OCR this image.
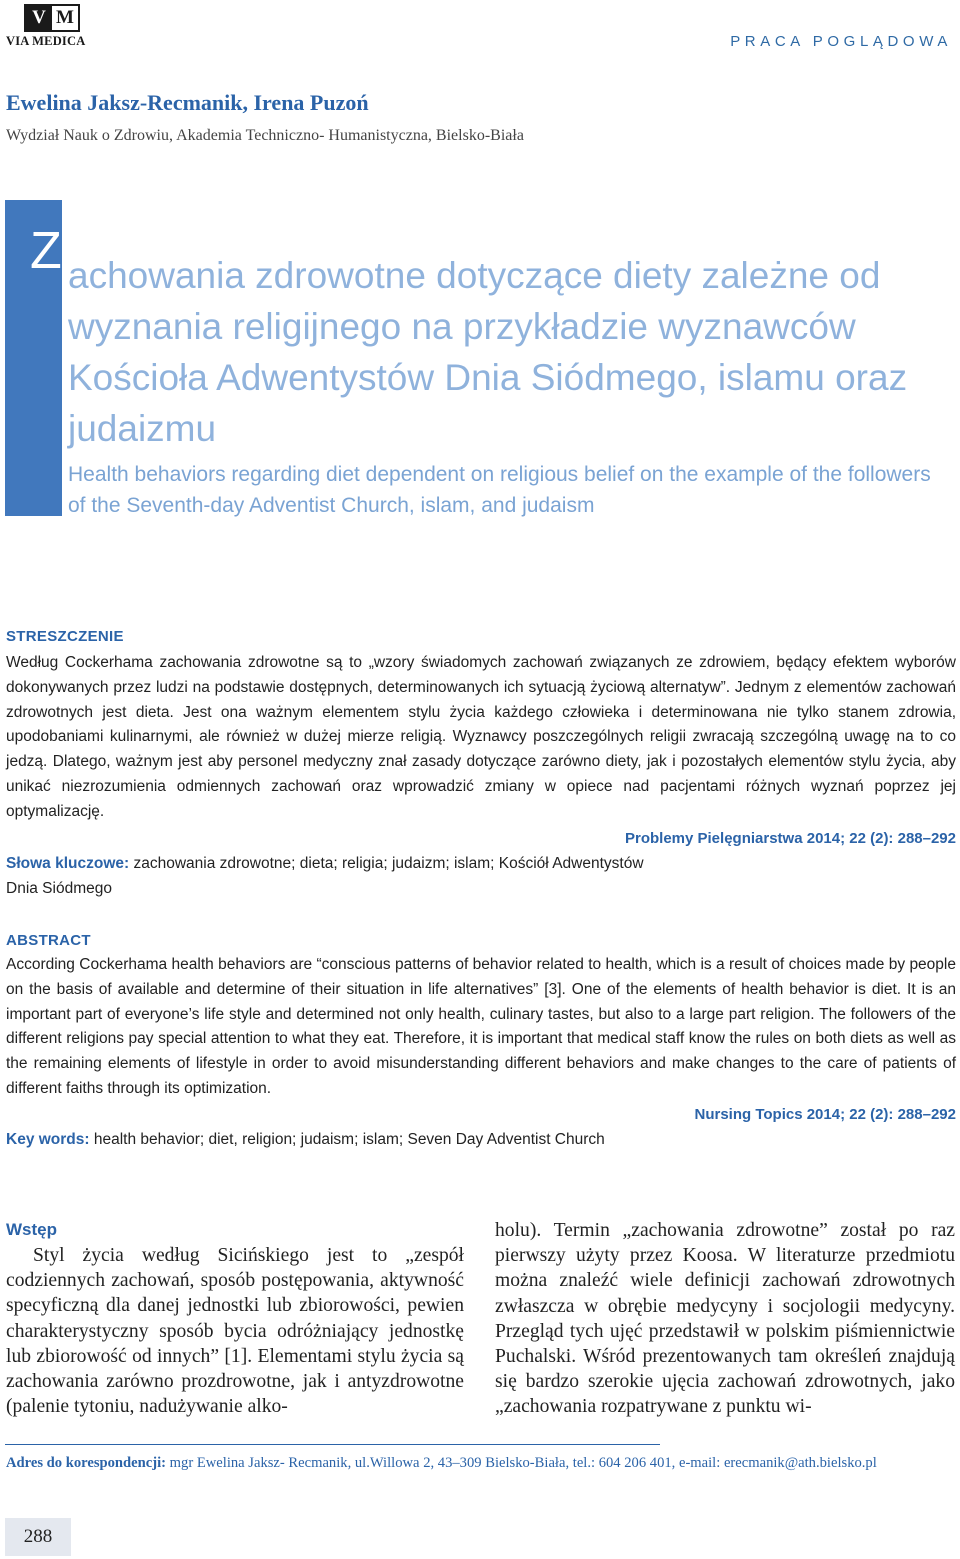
V M
VIA MEDICA	PRACA POGLĄDOWA
Ewelina Jaksz-Recmanik, Irena Puzoń
Wydział Nauk o Zdrowiu, Akademia Techniczno- Humanistyczna, Bielsko-Biała
Z achowania zdrowotne dotyczące diety zależne od wyznania religijnego na przykładzie wyznawców Kościoła Adwentystów Dnia Siódmego, islamu oraz judaizmu
Health behaviors regarding diet dependent on religious belief on the example of the followers of the Seventh-day Adventist Church, islam, and judaism
STRESZCZENIE
Według Cockerhama zachowania zdrowotne są to „wzory świadomych zachowań związanych ze zdrowiem, będący efektem wyborów dokonywanych przez ludzi na podstawie dostępnych, determinowanych ich sytuacją życiową alternatyw”. Jednym z elementów zachowań zdrowotnych jest dieta. Jest ona ważnym elementem stylu życia każdego człowieka i determinowana nie tylko stanem zdrowia, upodobaniami kulinarnymi, ale również w dużej mierze religią. Wyznawcy poszczególnych religii zwracają szczególną uwagę na to co jedzą. Dlatego, ważnym jest aby personel medyczny znał zasady dotyczące zarówno diety, jak i pozostałych elementów stylu życia, aby unikać niezrozumienia odmiennych zachowań oraz wprowadzić zmiany w opiece nad pacjentami różnych wyznań poprzez jej optymalizację.
Problemy Pielęgniarstwa 2014; 22 (2): 288–292
Słowa kluczowe: zachowania zdrowotne; dieta; religia; judaizm; islam; Kościół Adwentystów Dnia Siódmego
ABSTRACT
According Cockerhama health behaviors are “conscious patterns of behavior related to health, which is a result of choices made by people on the basis of available and determine of their situation in life alternatives” [3]. One of the elements of health behavior is diet. It is an important part of everyone’s life style and determined not only health, culinary tastes, but also to a large part religion. The followers of the different religions pay special attention to what they eat. Therefore, it is important that medical staff know the rules on both diets as well as the remaining elements of lifestyle in order to avoid misunderstanding different behaviors and make changes to the care of patients of different faiths through its optimization.
Nursing Topics 2014; 22 (2): 288–292
Key words: health behavior; diet, religion; judaism; islam; Seven Day Adventist Church
Wstęp
Styl życia według Sicińskiego jest to „zespół codziennych zachowań, sposób postępowania, aktywność specyficzną dla danej jednostki lub zbiorowości, pewien charakterystyczny sposób bycia odróżniający jednostkę lub zbiorowość od innych” [1]. Elementami stylu życia są zachowania zarówno prozdrowotne, jak i antyzdrowotne (palenie tytoniu, nadużywanie alko-
holu). Termin „zachowania zdrowotne” został po raz pierwszy użyty przez Koosa. W literaturze przedmiotu można znaleźć wiele definicji zachowań zdrowotnych zwłaszcza w obrębie medycyny i socjologii medycyny. Przegląd tych ujęć przedstawił w polskim piśmiennictwie Puchalski. Wśród prezentowanych tam określeń znajdują się bardzo szerokie ujęcia zachowań zdrowotnych, jako „zachowania rozpatrywane z punktu wi-
Adres do korespondencji: mgr Ewelina Jaksz- Recmanik, ul.Willowa 2, 43–309 Bielsko-Biała, tel.: 604 206 401, e-mail: erecmanik@ath.bielsko.pl
288
